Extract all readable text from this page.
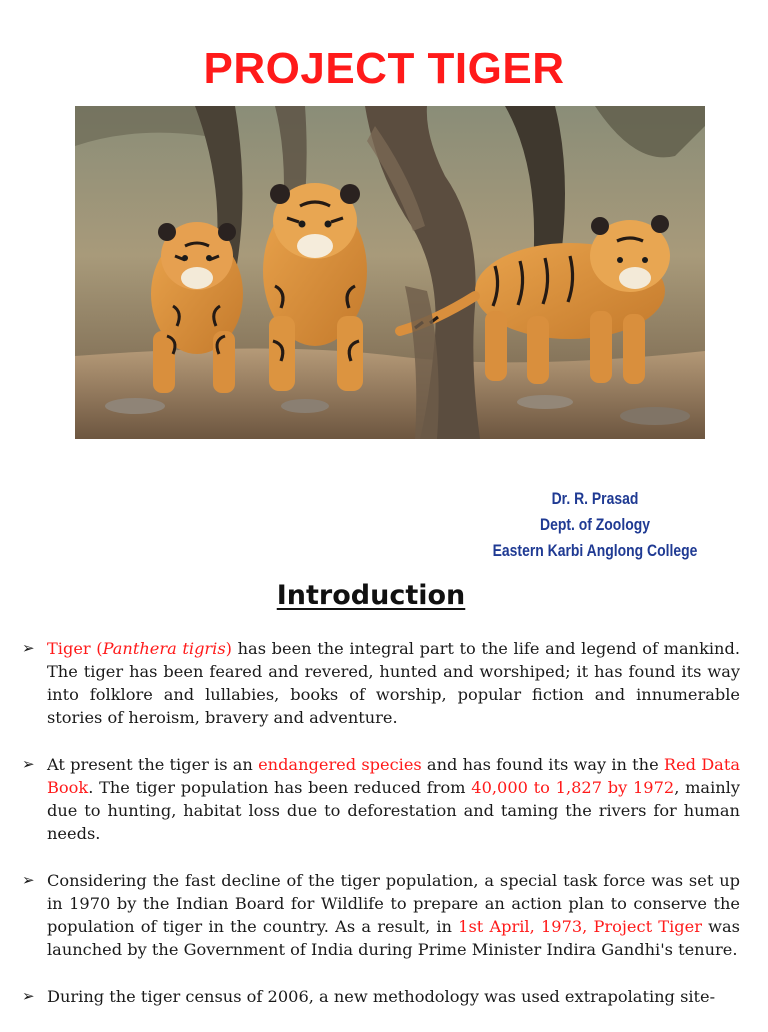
PROJECT TIGER
Dr. R. Prasad
Dept. of Zoology
Eastern Karbi Anglong College
Introduction
➢ Tiger (Panthera tigris) has been the integral part to the life and legend of mankind. The tiger has been feared and revered, hunted and worshiped; it has found its way into folklore and lullabies, books of worship, popular fiction and innumerable stories of heroism, bravery and adventure.
➢ At present the tiger is an endangered species and has found its way in the Red Data Book. The tiger population has been reduced from 40,000 to 1,827 by 1972, mainly due to hunting, habitat loss due to deforestation and taming the rivers for human needs.
➢ Considering the fast decline of the tiger population, a special task force was set up in 1970 by the Indian Board for Wildlife to prepare an action plan to conserve the population of tiger in the country. As a result, in 1st April, 1973, Project Tiger was launched by the Government of India during Prime Minister Indira Gandhi's tenure.
➢ During the tiger census of 2006, a new methodology was used extrapolating site-
